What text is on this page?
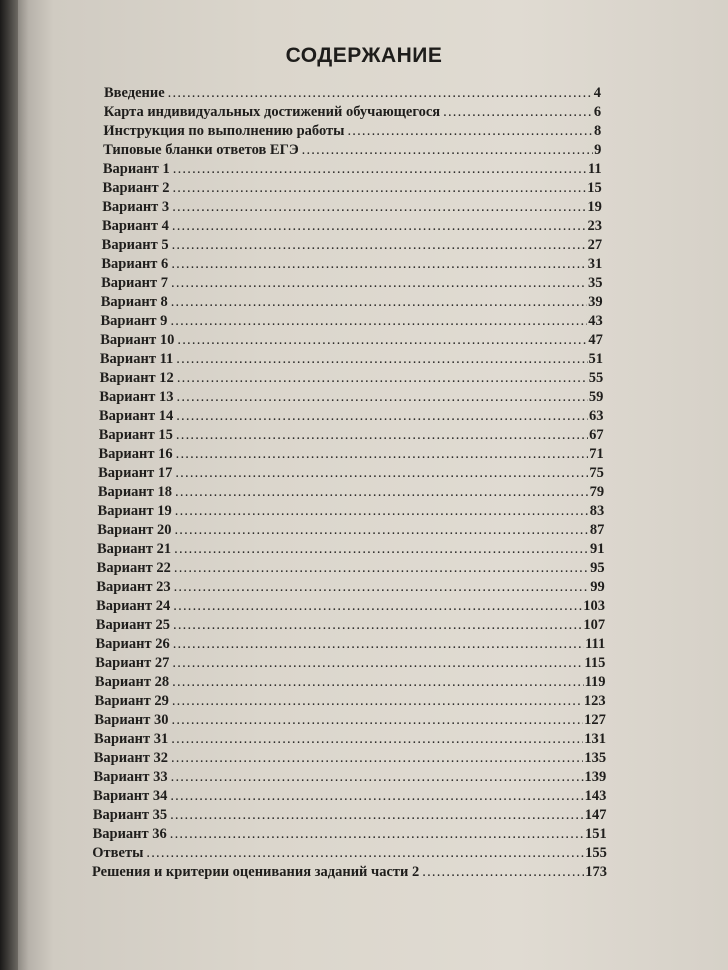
СОДЕРЖАНИЕ
Введение .....	4
Карта индивидуальных достижений обучающегося .....	6
Инструкция по выполнению работы .....	8
Типовые бланки ответов ЕГЭ .....	9
Вариант 1 .....	11
Вариант 2 .....	15
Вариант 3 .....	19
Вариант 4 .....	23
Вариант 5 .....	27
Вариант 6 .....	31
Вариант 7 .....	35
Вариант 8 .....	39
Вариант 9 .....	43
Вариант 10 .....	47
Вариант 11 .....	51
Вариант 12 .....	55
Вариант 13 .....	59
Вариант 14 .....	63
Вариант 15 .....	67
Вариант 16 .....	71
Вариант 17 .....	75
Вариант 18 .....	79
Вариант 19 .....	83
Вариант 20 .....	87
Вариант 21 .....	91
Вариант 22 .....	95
Вариант 23 .....	99
Вариант 24 .....	103
Вариант 25 .....	107
Вариант 26 .....	111
Вариант 27 .....	115
Вариант 28 .....	119
Вариант 29 .....	123
Вариант 30 .....	127
Вариант 31 .....	131
Вариант 32 .....	135
Вариант 33 .....	139
Вариант 34 .....	143
Вариант 35 .....	147
Вариант 36 .....	151
Ответы .....	155
Решения и критерии оценивания заданий части 2 .....	173
